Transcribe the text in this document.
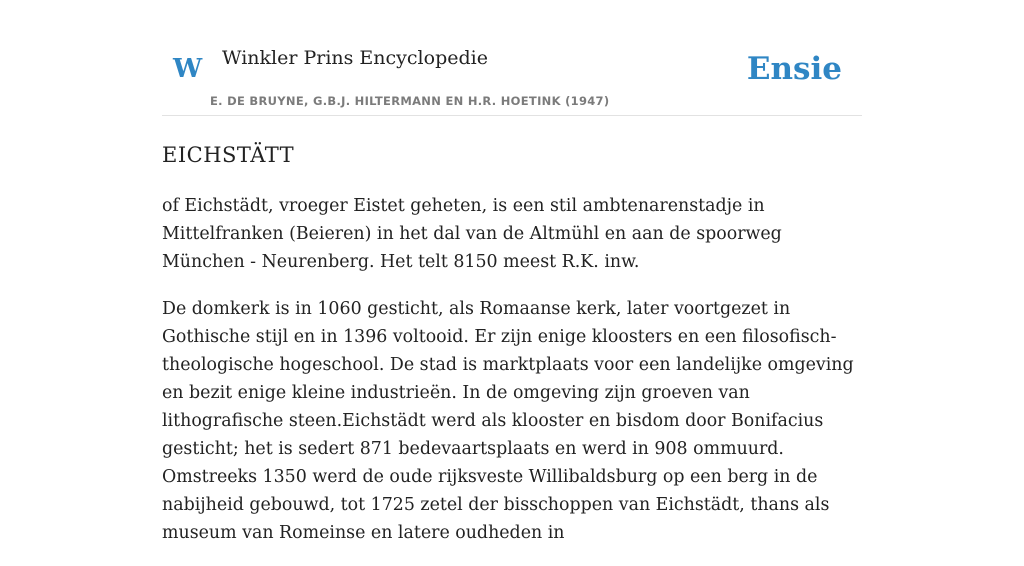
W Winkler Prins Encyclopedie
E. DE BRUYNE, G.B.J. HILTERMANN EN H.R. HOETINK (1947)
Ensie
EICHSTÄTT

of Eichstädt, vroeger Eistet geheten, is een stil ambtenarenstadje in Mittelfranken (Beieren) in het dal van de Altmühl en aan de spoorweg München - Neurenberg. Het telt 8150 meest R.K. inw.

De domkerk is in 1060 gesticht, als Romaanse kerk, later voortgezet in Gothische stijl en in 1396 voltooid. Er zijn enige kloosters en een filosofisch-theologische hogeschool. De stad is marktplaats voor een landelijke omgeving en bezit enige kleine industrieën. In de omgeving zijn groeven van lithografische steen.Eichstädt werd als klooster en bisdom door Bonifacius gesticht; het is sedert 871 bedevaartsplaats en werd in 908 ommuurd. Omstreeks 1350 werd de oude rijksveste Willibaldsburg op een berg in de nabijheid gebouwd, tot 1725 zetel der bisschoppen van Eichstädt, thans als museum van Romeinse en latere oudheden in
